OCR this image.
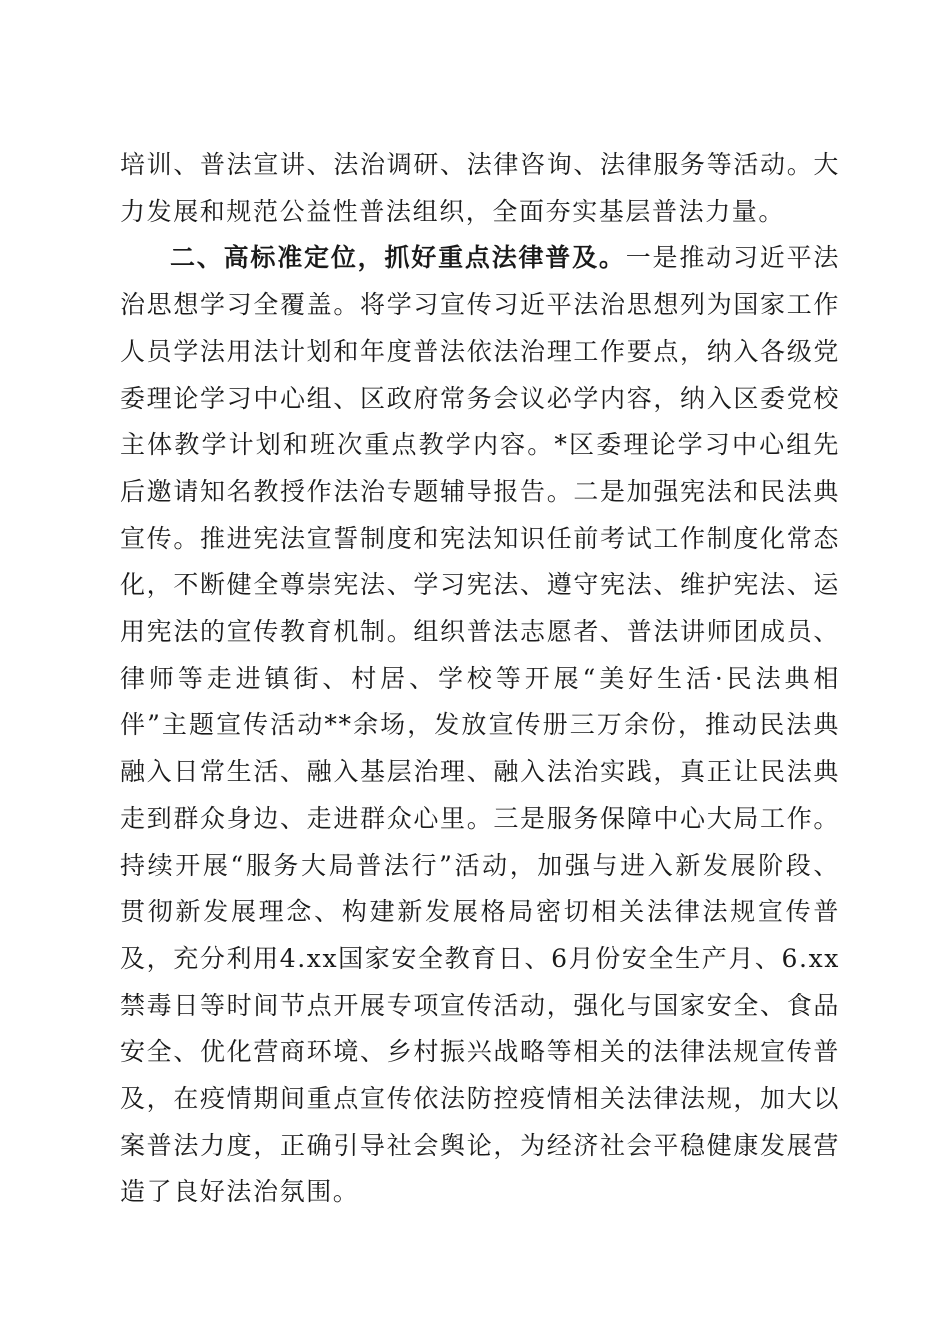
培训、普法宣讲、法治调研、法律咨询、法律服务等活动。大力发展和规范公益性普法组织，全面夯实基层普法力量。

二、高标准定位，抓好重点法律普及。一是推动习近平法治思想学习全覆盖。将学习宣传习近平法治思想列为国家工作人员学法用法计划和年度普法依法治理工作要点，纳入各级党委理论学习中心组、区政府常务会议必学内容，纳入区委党校主体教学计划和班次重点教学内容。*区委理论学习中心组先后邀请知名教授作法治专题辅导报告。二是加强宪法和民法典宣传。推进宪法宣誓制度和宪法知识任前考试工作制度化常态化，不断健全尊崇宪法、学习宪法、遵守宪法、维护宪法、运用宪法的宣传教育机制。组织普法志愿者、普法讲师团成员、律师等走进镇街、村居、学校等开展“美好生活·民法典相伴”主题宣传活动**余场，发放宣传册三万余份，推动民法典融入日常生活、融入基层治理、融入法治实践，真正让民法典走到群众身边、走进群众心里。三是服务保障中心大局工作。持续开展“服务大局普法行”活动，加强与进入新发展阶段、贯彻新发展理念、构建新发展格局密切相关法律法规宣传普及，充分利用4.xx国家安全教育日、6月份安全生产月、6.xx禁毒日等时间节点开展专项宣传活动，强化与国家安全、食品安全、优化营商环境、乡村振兴战略等相关的法律法规宣传普及，在疫情期间重点宣传依法防控疫情相关法律法规，加大以案普法力度，正确引导社会舆论，为经济社会平稳健康发展营造了良好法治氛围。
